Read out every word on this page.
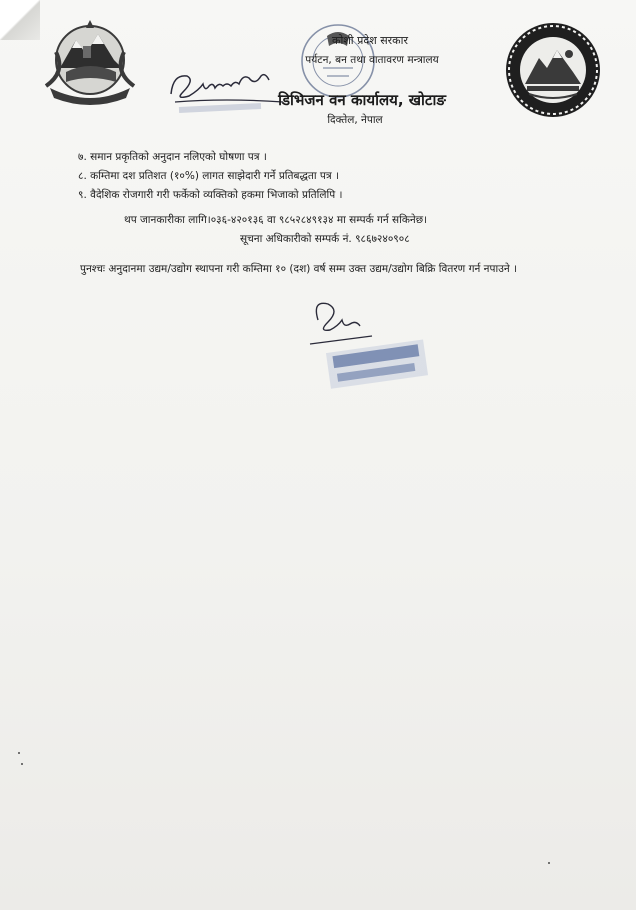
कोशी प्रदेश सरकार
पर्यटन, बन तथा वातावरण मन्त्रालय
डिभिजन वन कार्यालय, खोटाङ
दिक्तेल, नेपाल
७. समान प्रकृतिको अनुदान नलिएको घोषणा पत्र ।
८. कम्तिमा दश प्रतिशत (१०%) लागत साझेदारी गर्ने प्रतिबद्धता पत्र ।
९. वैदेशिक रोजगारी गरी फर्केको व्यक्तिको हकमा भिजाको प्रतिलिपि ।
थप जानकारीका लागि।०३६-४२०१३६ वा ९८५२८४९१३४ मा सम्पर्क गर्न सकिनेछ।
सूचना अधिकारीको सम्पर्क नं. ९८६७२४०९०८
पुनश्चः अनुदानमा उद्यम/उद्योग स्थापना गरी कम्तिमा १० (दश) वर्ष सम्म उक्त उद्यम/उद्योग बिक्रि वितरण गर्न नपाउने ।
